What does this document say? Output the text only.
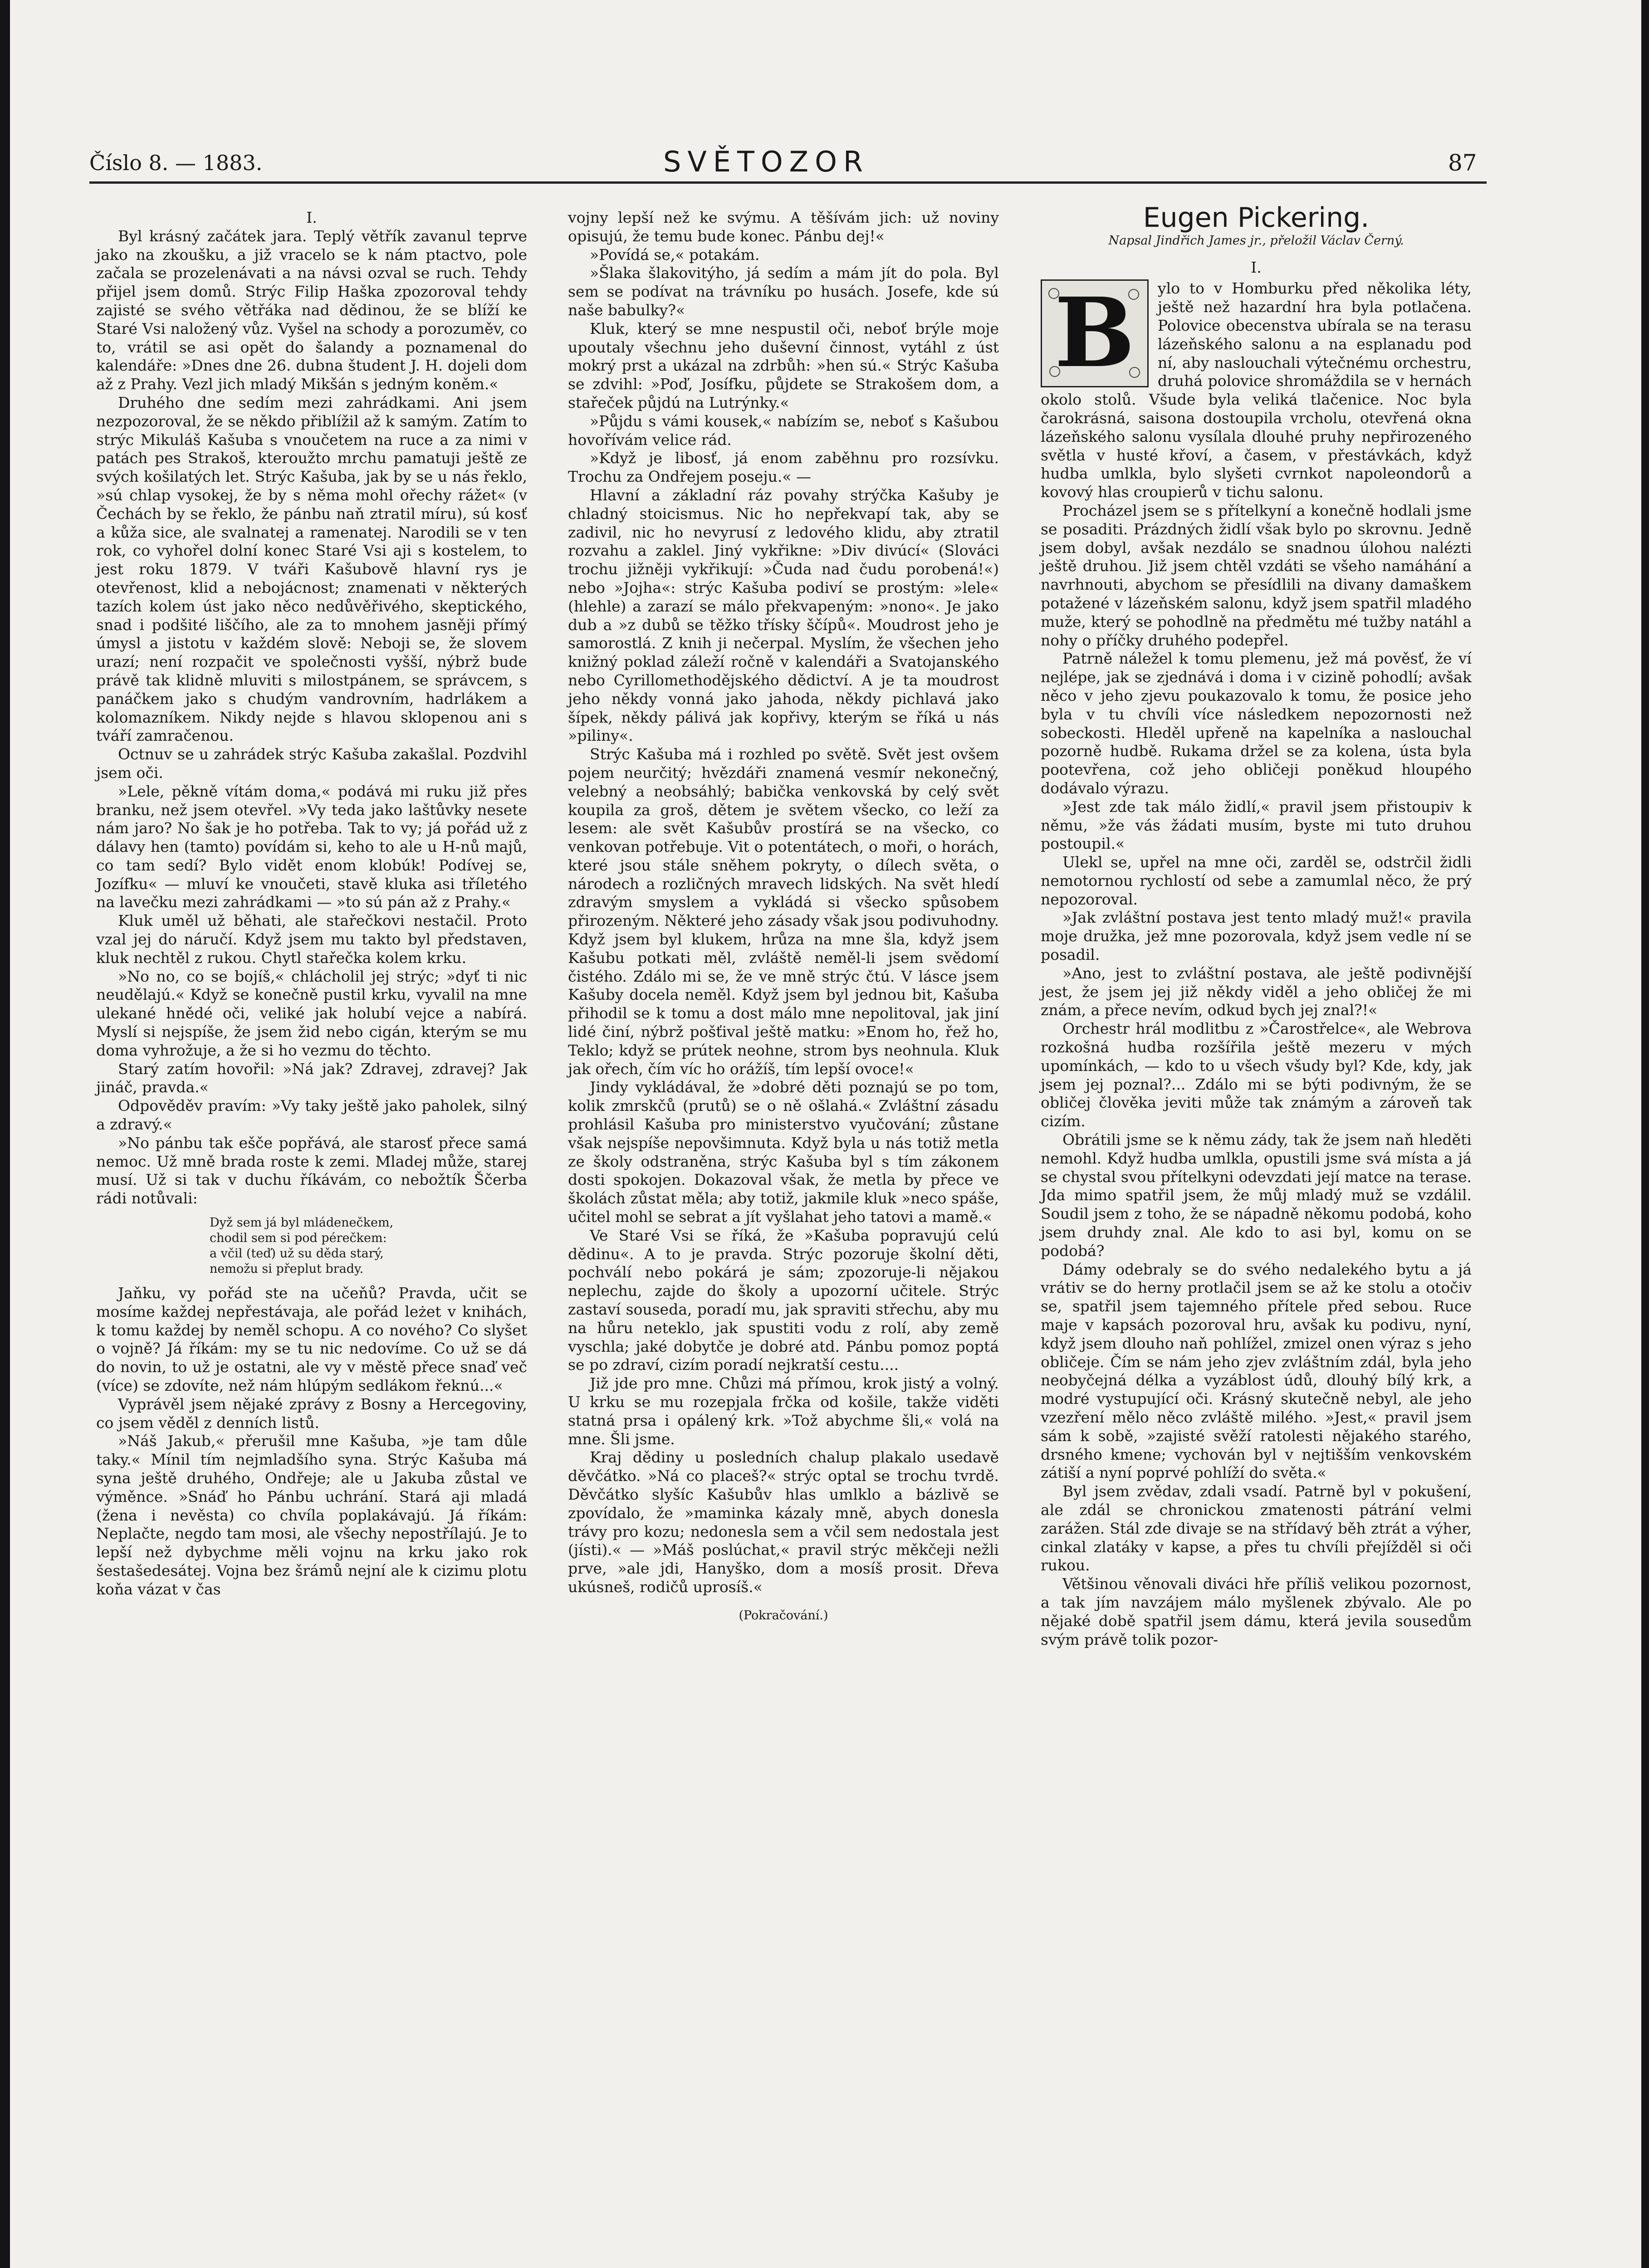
Číslo 8. — 1883.	SVĚTOZOR	87

I.

Byl krásný začátek jara. Teplý větřík zavanul teprve jako na zkoušku, a již vracelo se k nám ptactvo, pole začala se prozelenávati a na návsi ozval se ruch. Tehdy přijel jsem domů. Strýc Filip Haška zpozoroval tehdy zajisté se svého větřáka nad dědinou, že se blíží ke Staré Vsi naložený vůz. Vyšel na schody a porozuměv, co to, vrátil se asi opět do šalandy a poznamenal do kalendáře: »Dnes dne 26. dubna študent J. H. dojeli dom až z Prahy. Vezl jich mladý Mikšán s jedným koněm.«

Druhého dne sedím mezi zahrádkami. Ani jsem nezpozoroval, že se někdo přiblížil až k samým. Zatím to strýc Mikuláš Kašuba s vnoučetem na ruce a za nimi v patách pes Strakoš, kteroužto mrchu pamatuji ještě ze svých košilatých let. Strýc Kašuba, jak by se u nás řeklo, »sú chlap vysokej, že by s něma mohl ořechy rážet« (v Čechách by se řeklo, že pánbu naň ztratil míru), sú kosť a kůža sice, ale svalnatej a ramenatej. Narodili se v ten rok, co vyhořel dolní konec Staré Vsi aji s kostelem, to jest roku 1879. V tváři Kašubově hlavní rys je otevřenost, klid a nebojácnost; znamenati v některých tazích kolem úst jako něco nedůvěřivého, skeptického, snad i podšité liščího, ale za to mnohem jasněji přímý úmysl a jistotu v každém slově: Neboji se, že slovem urazí; není rozpačit ve společnosti vyšší, nýbrž bude právě tak klidně mluviti s milostpánem, se správcem, s panáčkem jako s chudým vandrovním, hadrlákem a kolomazníkem. Nikdy nejde s hlavou sklopenou ani s tváří zamračenou.

Octnuv se u zahrádek strýc Kašuba zakašlal. Pozdvihl jsem oči.

»Lele, pěkně vítám doma,« podává mi ruku již přes branku, než jsem otevřel. »Vy teda jako laštůvky nesete nám jaro? No šak je ho potřeba. Tak to vy; já pořád už z dálavy hen (tamto) povídám si, keho to ale u H-nů majů, co tam sedí? Bylo vidět enom klobúk! Podívej se, Jozífku« — mluví ke vnoučeti, stavě kluka asi tříletého na lavečku mezi zahrádkami — »to sú pán až z Prahy.«

Kluk uměl už běhati, ale stařečkovi nestačil. Proto vzal jej do náručí. Když jsem mu takto byl představen, kluk nechtěl z rukou. Chytl stařečka kolem krku.

»No no, co se bojíš,« chlácholil jej strýc; »dyť ti nic neudělajú.« Když se konečně pustil krku, vyvalil na mne ulekané hnědé oči, veliké jak holubí vejce a nabírá. Myslí si nejspíše, že jsem žid nebo cigán, kterým se mu doma vyhrožuje, a že si ho vezmu do těchto.

Starý zatím hovořil: »Ná jak? Zdravej, zdravej? Jak jináč, pravda.«

Odpověděv pravím: »Vy taky ještě jako paholek, silný a zdravý.«

»No pánbu tak ešče popřává, ale starosť přece samá nemoc. Už mně brada roste k zemi. Mladej může, starej musí. Už si tak v duchu říkávám, co nebožtík Ščerba rádi notůvali:

Dyž sem já byl mládenečkem,
chodil sem si pod pérečkem:
a včil (teď) už su děda starý,
nemožu si přeplut brady.

Jaňku, vy pořád ste na učeňů? Pravda, učit se mosíme každej nepřestávaja, ale pořád leżet v knihách, k tomu každej by neměl schopu. A co nového? Co slyšet o vojně? Já říkám: my se tu nic nedovíme. Co už se dá do novin, to už je ostatni, ale vy v městě přece snaď več (více) se zdovíte, než nám hlúpým sedlákom řeknú...«

Vyprávěl jsem nějaké zprávy z Bosny a Hercegoviny, co jsem věděl z denních listů.

»Náš Jakub,« přerušil mne Kašuba, »je tam důle taky.« Mínil tím nejmladšího syna. Strýc Kašuba má syna ještě druhého, Ondřeje; ale u Jakuba zůstal ve výměnce. »Snáď ho Pánbu uchrání. Stará aji mladá (žena i nevěsta) co chvíla poplakávajú. Já říkám: Neplačte, negdo tam mosi, ale všechy nepostřílajú. Je to lepší než dybychme měli vojnu na krku jako rok šestašedesátej. Vojna bez šrámů nejní ale k cizimu plotu koňa vázat v čas

vojny lepší než ke svýmu. A těšívám jich: už noviny opisujú, že temu bude konec. Pánbu dej!«

»Povídá se,« potakám.

»Šlaka šlakovitýho, já sedím a mám jít do pola. Byl sem se podívat na trávníku po husách. Josefe, kde sú naše babulky?«

Kluk, který se mne nespustil oči, neboť brýle moje upoutaly všechnu jeho duševní činnost, vytáhl z úst mokrý prst a ukázal na zdrbůh: »hen sú.« Strýc Kašuba se zdvihl: »Poď, Josífku, půjdete se Strakošem dom, a stařeček půjdú na Lutrýnky.«

»Půjdu s vámi kousek,« nabízím se, neboť s Kašubou hovořívám velice rád.

»Když je libosť, já enom zaběhnu pro rozsívku. Trochu za Ondřejem poseju.« —

Hlavní a základní ráz povahy strýčka Kašuby je chladný stoicismus. Nic ho nepřekvapí tak, aby se zadivil, nic ho nevyrusí z ledového klidu, aby ztratil rozvahu a zaklel. Jiný vykřikne: »Div divúcí« (Slováci trochu jižněji vykřikují: »Čuda nad čudu porobená!«) nebo »Jojha«: strýc Kašuba podiví se prostým: »lele« (hlehle) a zarazí se málo překvapeným: »nono«. Je jako dub a »z dubů se těžko třísky ščípů«. Moudrost jeho je samorostlá. Z knih ji nečerpal. Myslím, že všechen jeho knižný poklad záleží ročně v kalendáři a Svatojanského nebo Cyrillomethodějského dědictví. A je ta moudrost jeho někdy vonná jako jahoda, někdy pichlavá jako šípek, někdy pálivá jak kopřivy, kterým se říká u nás »piliny«.

Strýc Kašuba má i rozhled po světě. Svět jest ovšem pojem neurčitý; hvězdáři znamená vesmír nekonečný, velebný a neobsáhlý; babička venkovská by celý svět koupila za groš, dětem je světem všecko, co leží za lesem: ale svět Kašubův prostírá se na všecko, co venkovan potřebuje. Vit o potentátech, o moři, o horách, které jsou stále sněhem pokryty, o dílech světa, o národech a rozličných mravech lidských. Na svět hledí zdravým smyslem a vykládá si všecko spůsobem přirozeným. Některé jeho zásady však jsou podivuhodny. Když jsem byl klukem, hrůza na mne šla, když jsem Kašubu potkati měl, zvláště neměl-li jsem svědomí čistého. Zdálo mi se, že ve mně strýc čtú. V lásce jsem Kašuby docela neměl. Když jsem byl jednou bit, Kašuba přihodil se k tomu a dost málo mne nepolitoval, jak jiní lidé činí, nýbrž pošťival ještě matku: »Enom ho, řež ho, Teklo; když se prútek neohne, strom bys neohnula. Kluk jak ořech, čím víc ho orážíš, tím lepší ovoce!«

Jindy vykládával, že »dobré děti poznajú se po tom, kolik zmrskčů (prutů) se o ně ošlahá.« Zvláštní zásadu prohlásil Kašuba pro ministerstvo vyučování; zůstane však nejspíše nepovšimnuta. Když byla u nás totiž metla ze školy odstraněna, strýc Kašuba byl s tím zákonem dosti spokojen. Dokazoval však, že metla by přece ve školách zůstat měla; aby totiž, jakmile kluk »neco spáše, učitel mohl se sebrat a jít vyšlahat jeho tatovi a mamě.«

Ve Staré Vsi se říká, že »Kašuba popravujú celú dědinu«. A to je pravda. Strýc pozoruje školní děti, pochválí nebo pokárá je sám; zpozoruje-li nějakou neplechu, zajde do školy a upozorní učitele. Strýc zastaví souseda, poradí mu, jak spraviti střechu, aby mu na hůru neteklo, jak spustiti vodu z rolí, aby země vyschla; jaké dobytče je dobré atd. Pánbu pomoz poptá se po zdraví, cizím poradí nejkratší cestu....

Již jde pro mne. Chůzi má přímou, krok jistý a volný. U krku se mu rozepjala frčka od košile, takže viděti statná prsa i opálený krk. »Tož abychme šli,« volá na mne. Šli jsme.

Kraj dědiny u posledních chalup plakalo usedavě děvčátko. »Ná co placeš?« strýc optal se trochu tvrdě. Děvčátko slyšíc Kašubův hlas umlklo a bázlivě se zpovídalo, že »maminka kázaly mně, abych donesla trávy pro kozu; nedonesla sem a včil sem nedostala jest (jísti).« — »Máš poslúchat,« pravil strýc měkčeji nežli prve, »ale jdi, Hanyško, dom a mosíš prosit. Dřeva ukúsneš, rodičů uprosíš.«

(Pokračování.)
Eugen Pickering.
Napsal Jindřich James jr., přeložil Václav Černý.
I.
B	ylo to v Homburku před několika léty, ještě než hazardní hra byla potlačena. Polovice obecenstva ubírala se na terasu lázeňského salonu a na esplanadu pod ní, aby naslouchali výtečnému orchestru, druhá polovice shromáždila se v hernách okolo stolů. Všude byla veliká tlačenice. Noc byla čarokrásná, saisona dostoupila vrcholu, otevřená okna lázeňského salonu vysílala dlouhé pruhy nepřirozeného světla v husté křoví, a časem, v přestávkách, když hudba umlkla, bylo slyšeti cvrnkot napoleondorů a kovový hlas croupierů v tichu salonu.

Procházel jsem se s přítelkyní a konečně hodlali jsme se posaditi. Prázdných židlí však bylo po skrovnu. Jedně jsem dobyl, avšak nezdálo se snadnou úlohou nalézti ještě druhou. Již jsem chtěl vzdáti se všeho namáhání a navrhnouti, abychom se přesídlili na divany damaškem potažené v lázeňském salonu, když jsem spatřil mladého muže, který se pohodlně na předmětu mé tužby natáhl a nohy o příčky druhého podepřel.

Patrně náležel k tomu plemenu, jež má pověsť, že ví nejlépe, jak se zjednává i doma i v cizině pohodlí; avšak něco v jeho zjevu poukazovalo k tomu, že posice jeho byla v tu chvíli více následkem nepozornosti než sobeckosti. Hleděl upřeně na kapelníka a naslouchal pozorně hudbě. Rukama držel se za kolena, ústa byla pootevřena, což jeho obličeji poněkud hloupého dodávalo výrazu.

»Jest zde tak málo židlí,« pravil jsem přistoupiv k němu, »že vás žádati musím, byste mi tuto druhou postoupil.«

Ulekl se, upřel na mne oči, zarděl se, odstrčil židli nemotornou rychlostí od sebe a zamumlal něco, že prý nepozoroval.

»Jak zvláštní postava jest tento mladý muž!« pravila moje družka, jež mne pozorovala, když jsem vedle ní se posadil.

»Ano, jest to zvláštní postava, ale ještě podivnější jest, že jsem jej již někdy viděl a jeho obličej že mi znám, a přece nevím, odkud bych jej znal?!«

Orchestr hrál modlitbu z »Čarostřelce«, ale Webrova rozkošná hudba rozšířila ještě mezeru v mých upomínkách, — kdo to u všech všudy byl? Kde, kdy, jak jsem jej poznal?... Zdálo mi se býti podivným, že se obličej člověka jeviti může tak známým a zároveň tak cizím.

Obrátili jsme se k němu zády, tak že jsem naň hleděti nemohl. Když hudba umlkla, opustili jsme svá místa a já se chystal svou přítelkyni odevzdati její matce na terase. Jda mimo spatřil jsem, že můj mladý muž se vzdálil. Soudil jsem z toho, že se nápadně někomu podobá, koho jsem druhdy znal. Ale kdo to asi byl, komu on se podobá?

Dámy odebraly se do svého nedalekého bytu a já vrátiv se do herny protlačil jsem se až ke stolu a otočiv se, spatřil jsem tajemného přítele před sebou. Ruce maje v kapsách pozoroval hru, avšak ku podivu, nyní, když jsem dlouho naň pohlížel, zmizel onen výraz s jeho obličeje. Čím se nám jeho zjev zvláštním zdál, byla jeho neobyčejná délka a vyzáblost údů, dlouhý bílý krk, a modré vystupující oči. Krásný skutečně nebyl, ale jeho vzezření mělo něco zvláště milého. »Jest,« pravil jsem sám k sobě, »zajisté svěží ratolesti nějakého starého, drsného kmene; vychován byl v nejtišším venkovském zátiší a nyní poprvé pohlíží do světa.«

Byl jsem zvědav, zdali vsadí. Patrně byl v pokušení, ale zdál se chronickou zmatenosti pátrání velmi zarážen. Stál zde divaje se na střídavý běh ztrát a výher, cinkal zlatáky v kapse, a přes tu chvíli přejížděl si oči rukou.

Většinou věnovali diváci hře příliš velikou pozornost, a tak jím navzájem málo myšlenek zbývalo. Ale po nějaké době spatřil jsem dámu, která jevila sousedům svým právě tolik pozor-
